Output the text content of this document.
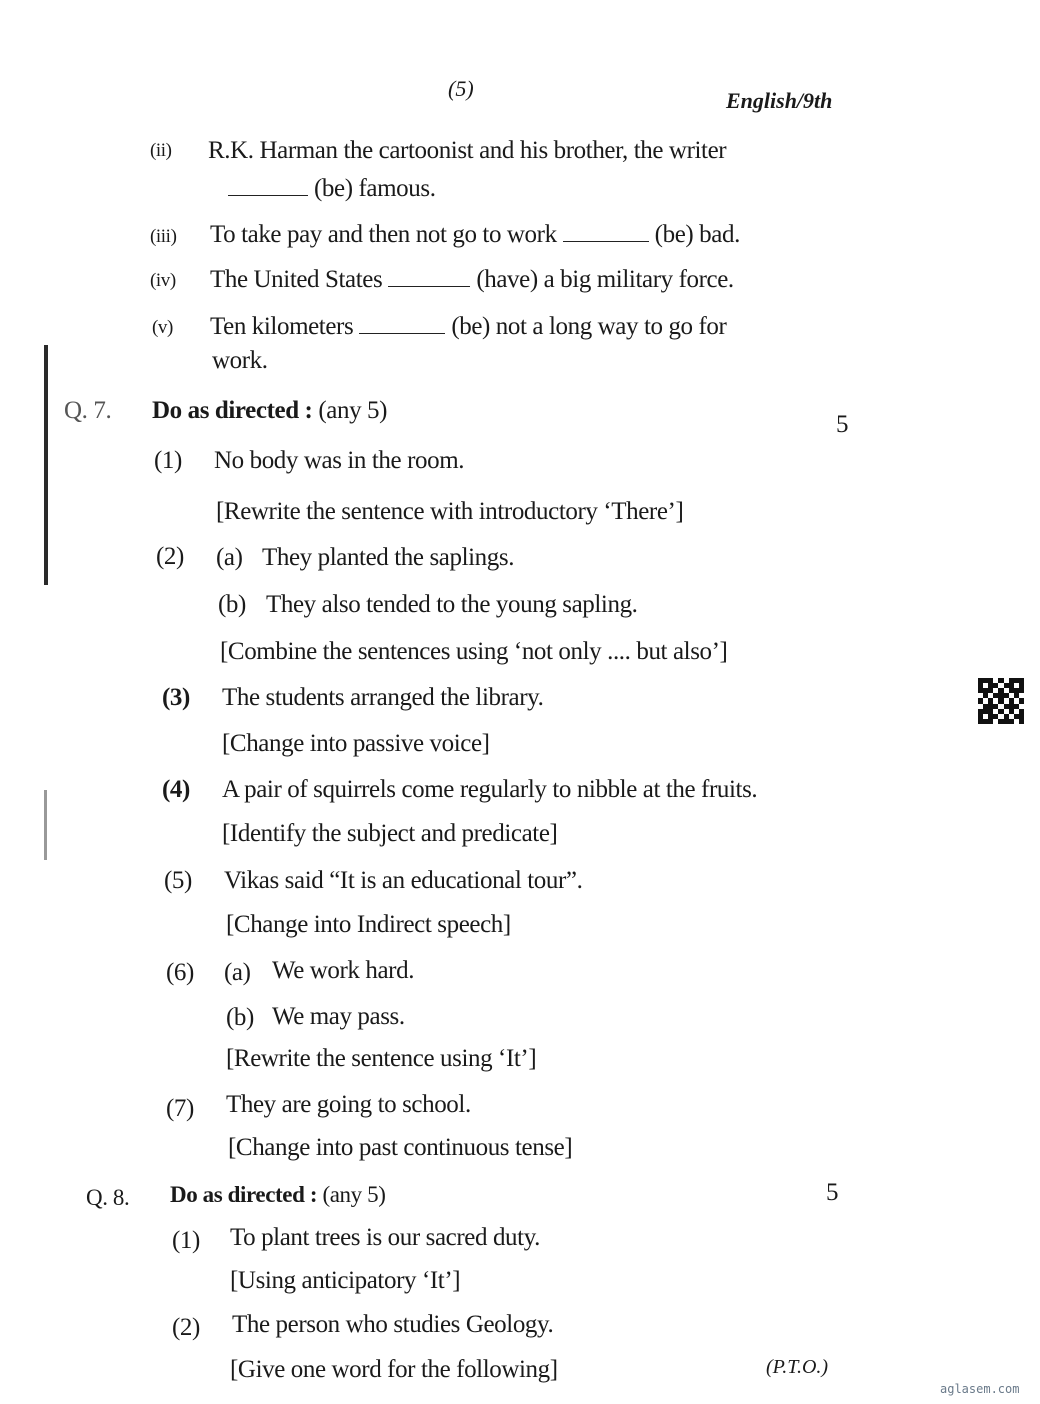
(5)	English/9th
(ii) R.K. Harman the cartoonist and his brother, the writer
(be) famous.
(iii) To take pay and then not go to work	(be) bad.
(iv) The United States	(have) a big military force.
(v) Ten kilometers	(be) not a long way to go for
work.
Q. 7. Do as directed : (any 5)
5
(1) No body was in the room.
[Rewrite the sentence with introductory ‘There’]
(2) (a) They planted the saplings.
(b) They also tended to the young sapling.
[Combine the sentences using ‘not only .... but also’]
(3) The students arranged the library.
[Change into passive voice]
(4) A pair of squirrels come regularly to nibble at the fruits.
[Identify the subject and predicate]
(5) Vikas said “It is an educational tour”.
[Change into Indirect speech]
(6) (a) We work hard.
(b) We may pass.
[Rewrite the sentence using ‘It’]
(7) They are going to school.
[Change into past continuous tense]
Q. 8. Do as directed : (any 5)	5
(1) To plant trees is our sacred duty.
[Using anticipatory ‘It’]
(2) The person who studies Geology.
[Give one word for the following]	(P.T.O.)
aglasem.com
